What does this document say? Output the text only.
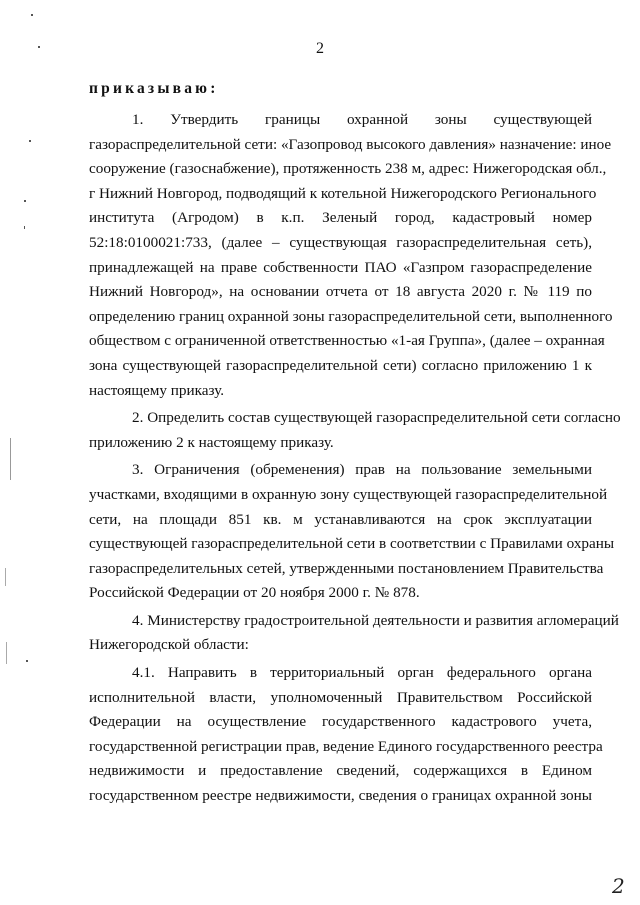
2
приказываю:
1. Утвердить границы охранной зоны существующей
газораспределительной сети: «Газопровод высокого давления» назначение: иное
сооружение (газоснабжение), протяженность 238 м, адрес: Нижегородская обл.,
г Нижний Новгород, подводящий к котельной Нижегородского Регионального
института (Агродом) в к.п. Зеленый город, кадастровый номер
52:18:0100021:733, (далее – существующая газораспределительная сеть),
принадлежащей на праве собственности ПАО «Газпром газораспределение
Нижний Новгород», на основании отчета от 18 августа 2020 г. № 119 по
определению границ охранной зоны газораспределительной сети, выполненного
обществом с ограниченной ответственностью «1-ая Группа», (далее – охранная
зона существующей газораспределительной сети) согласно приложению 1 к
настоящему приказу.
2. Определить состав существующей газораспределительной сети согласно
приложению 2 к настоящему приказу.
3. Ограничения (обременения) прав на пользование земельными
участками, входящими в охранную зону существующей газораспределительной
сети, на площади 851 кв. м устанавливаются на срок эксплуатации
существующей газораспределительной сети в соответствии с Правилами охраны
газораспределительных сетей, утвержденными постановлением Правительства
Российской Федерации от 20 ноября 2000 г. № 878.
4. Министерству градостроительной деятельности и развития агломераций
Нижегородской области:
4.1. Направить в территориальный орган федерального органа
исполнительной власти, уполномоченный Правительством Российской
Федерации на осуществление государственного кадастрового учета,
государственной регистрации прав, ведение Единого государственного реестра
недвижимости и предоставление сведений, содержащихся в Едином
государственном реестре недвижимости, сведения о границах охранной зоны
2
